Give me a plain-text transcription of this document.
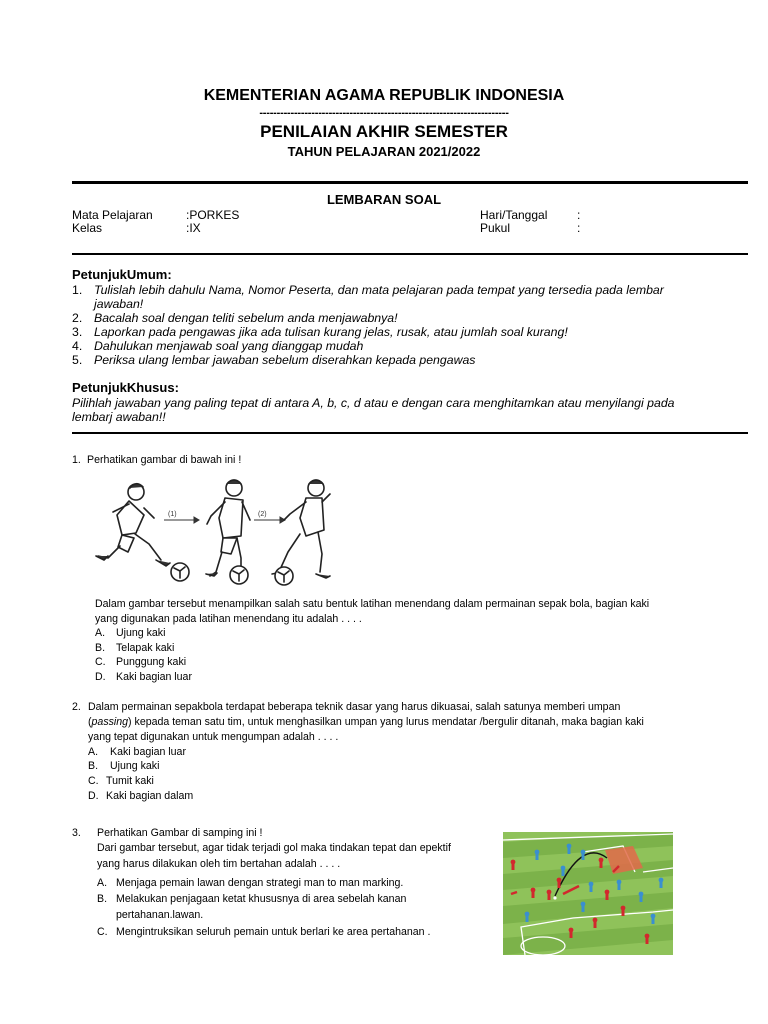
KEMENTERIAN AGAMA REPUBLIK INDONESIA
------------------------------------------------------------------------
PENILAIAN AKHIR SEMESTER
TAHUN PELAJARAN 2021/2022
LEMBARAN SOAL
Mata Pelajaran	:PORKES	Hari/Tanggal :
Kelas	:IX	Pukul	:
PetunjukUmum:
1. Tulislah lebih dahulu Nama, Nomor Peserta, dan mata pelajaran pada tempat yang tersedia pada lembar
jawaban!
2. Bacalah soal dengan teliti sebelum anda menjawabnya!
3. Laporkan pada pengawas jika ada tulisan kurang jelas, rusak, atau jumlah soal kurang!
4. Dahulukan menjawab soal yang dianggap mudah
5. Periksa ulang lembar jawaban sebelum diserahkan kepada pengawas
PetunjukKhusus:
Pilihlah jawaban yang paling tepat di antara A, b, c, d atau e dengan cara menghitamkan atau menyilangi pada
lembarj awaban!!
1. Perhatikan gambar di bawah ini !
(1)	(2)
Dalam gambar tersebut menampilkan salah satu bentuk latihan menendang dalam permainan sepak bola, bagian kaki
yang digunakan pada latihan menendang itu adalah . . . .
A. Ujung kaki
B. Telapak kaki
C. Punggung kaki
D. Kaki bagian luar
2. Dalam permainan sepakbola terdapat beberapa teknik dasar yang harus dikuasai, salah satunya memberi umpan
(passing) kepada teman satu tim, untuk menghasilkan umpan yang lurus mendatar /bergulir ditanah, maka bagian kaki
yang tepat digunakan untuk mengumpan adalah . . . .
A. Kaki bagian luar
B. Ujung kaki
C. Tumit kaki
D. Kaki bagian dalam
3. Perhatikan Gambar di samping ini !
Dari gambar tersebut, agar tidak terjadi gol maka tindakan tepat dan epektif
yang harus dilakukan oleh tim bertahan adalah . . . .
A. Menjaga pemain lawan dengan strategi man to man marking.
B. Melakukan penjagaan ketat khususnya di area sebelah kanan
pertahanan.lawan.
C. Mengintruksikan seluruh pemain untuk berlari ke area pertahanan .
